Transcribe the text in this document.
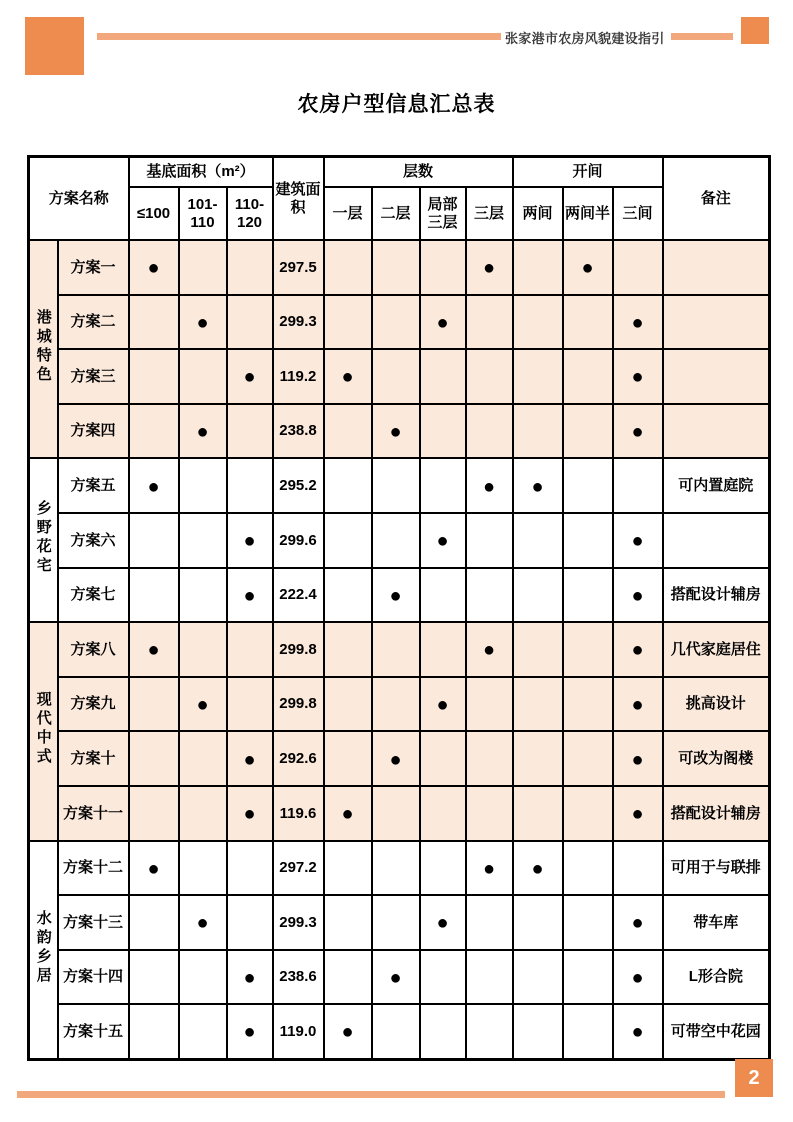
张家港市农房风貌建设指引
农房户型信息汇总表
方案名称		基底面积（m²）			建筑面积	层数				开间			备注
		≤100	101-110	110-120		一层	二层	局部三层	三层	两间	两间半	三间	
港城特色	方案一	●			297.5				●		●		
	方案二		●		299.3			●				●	
	方案三			●	119.2	●						●	
	方案四		●		238.8		●					●	
乡野花宅	方案五	●			295.2				●	●			可内置庭院
	方案六			●	299.6			●				●	
	方案七			●	222.4		●					●	搭配设计辅房
现代中式	方案八	●			299.8				●			●	几代家庭居住
	方案九		●		299.8			●				●	挑高设计
	方案十			●	292.6		●					●	可改为阁楼
	方案十一			●	119.6	●						●	搭配设计辅房
水韵乡居	方案十二	●			297.2				●	●			可用于与联排
	方案十三		●		299.3			●				●	带车库
	方案十四			●	238.6		●					●	L形合院
	方案十五			●	119.0	●						●	可带空中花园
2
